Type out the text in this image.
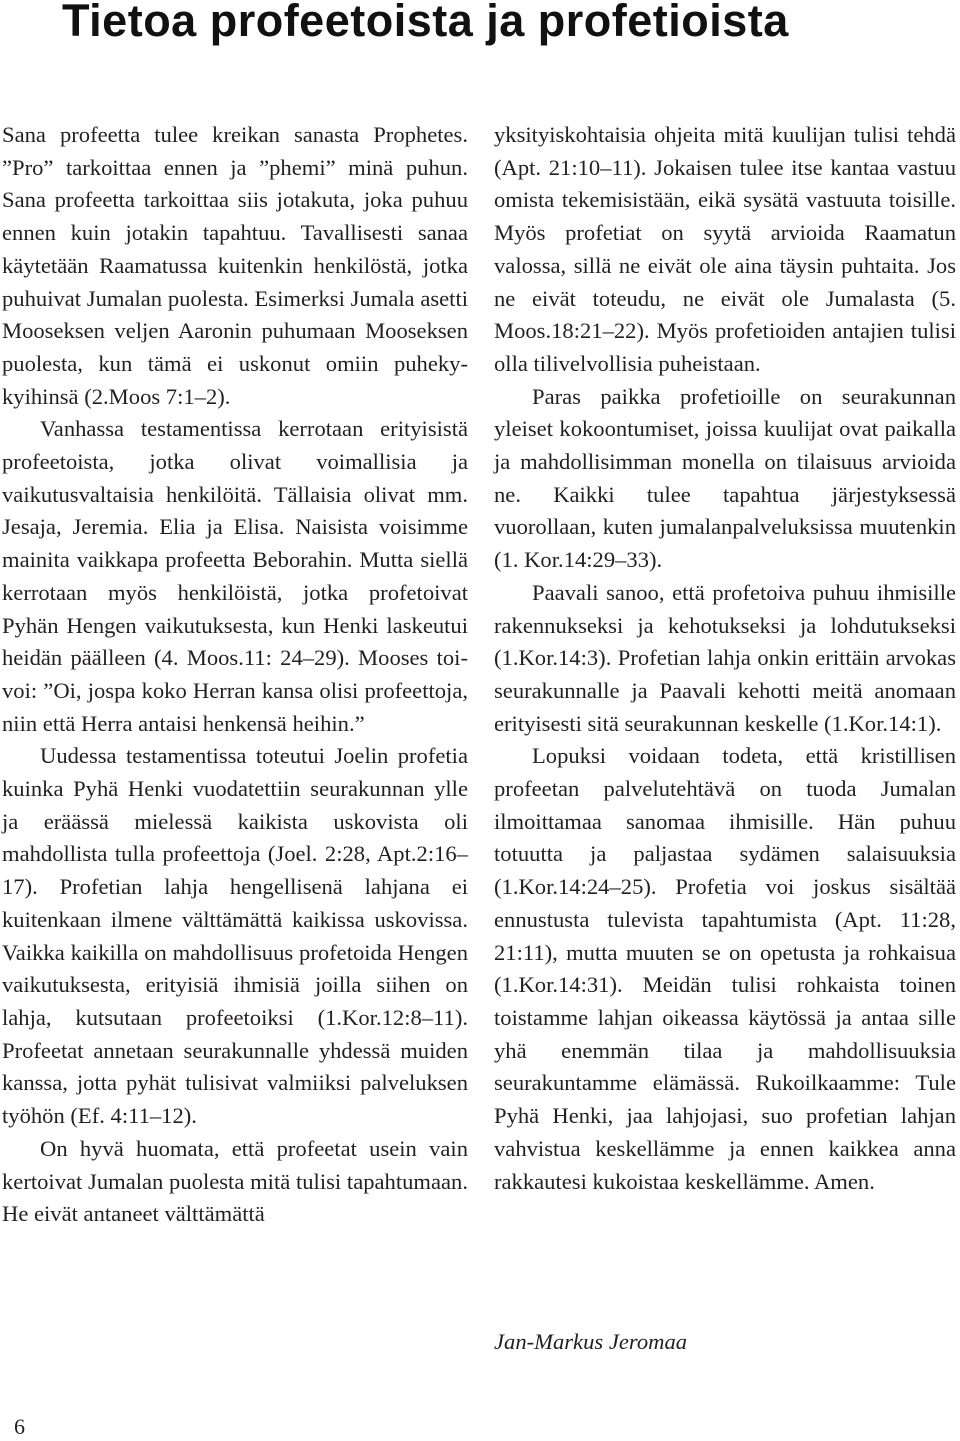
Tietoa profeetoista ja profetioista

Sana profeetta tulee kreikan sanasta Prophetes. ”Pro” tarkoittaa ennen ja ”phemi” minä puhun. Sana profeetta tarkoittaa siis jotakuta, joka puhuu ennen kuin jotakin tapahtuu. Tavallisesti sanaa käytetään Raamatussa kuitenkin henkilöstä, jotka puhuivat Jumalan puolesta. Esimerksi Jumala asetti Mooseksen veljen Aaronin puhumaan Mooseksen puolesta, kun tämä ei uskonut omiin puhekykyihinsä (2.Moos 7:1–2).

Vanhassa testamentissa kerrotaan erityisistä profeetoista, jotka olivat voimallisia ja vaikutusvaltaisia henkilöitä. Tällaisia olivat mm. Jesaja, Jeremia. Elia ja Elisa. Naisista voisimme mainita vaikkapa profeetta Beborahin. Mutta siellä kerrotaan myös henkilöistä, jotka profetoivat Pyhän Hengen vaikutuksesta, kun Henki laskeutui heidän päälleen (4. Moos.11: 24–29). Mooses toivoi: ”Oi, jospa koko Herran kansa olisi profeettoja, niin että Herra antaisi henkensä heihin.”

Uudessa testamentissa toteutui Joelin profetia kuinka Pyhä Henki vuodatettiin seurakunnan ylle ja eräässä mielessä kaikista uskovista oli mahdollista tulla profeettoja (Joel. 2:28, Apt.2:16–17). Profetian lahja hengellisenä lahjana ei kuitenkaan ilmene välttämättä kaikissa uskovissa. Vaikka kaikilla on mahdollisuus profetoida Hengen vaikutuksesta, erityisiä ihmisiä joilla siihen on lahja, kutsutaan profeetoiksi (1.Kor.12:8–11). Profeetat annetaan seurakunnalle yhdessä muiden kanssa, jotta pyhät tulisivat valmiiksi palveluksen työhön (Ef. 4:11–12).

On hyvä huomata, että profeetat usein vain kertoivat Jumalan puolesta mitä tulisi tapahtumaan. He eivät antaneet välttämättä

yksityiskohtaisia ohjeita mitä kuulijan tulisi tehdä (Apt. 21:10–11). Jokaisen tulee itse kantaa vastuu omista tekemisistään, eikä sysätä vastuuta toisille. Myös profetiat on syytä arvioida Raamatun valossa, sillä ne eivät ole aina täysin puhtaita. Jos ne eivät toteudu, ne eivät ole Jumalasta (5. Moos.18:21–22). Myös profetioiden antajien tulisi olla tilivelvollisia puheistaan.

Paras paikka profetioille on seurakunnan yleiset kokoontumiset, joissa kuulijat ovat paikalla ja mahdollisimman monella on tilaisuus arvioida ne. Kaikki tulee tapahtua järjestyksessä vuorollaan, kuten jumalanpalveluksissa muutenkin (1. Kor.14:29–33).

Paavali sanoo, että profetoiva puhuu ihmisille rakennukseksi ja kehotukseksi ja lohdutukseksi (1.Kor.14:3). Profetian lahja onkin erittäin arvokas seurakunnalle ja Paavali kehotti meitä anomaan erityisesti sitä seurakunnan keskelle (1.Kor.14:1).

Lopuksi voidaan todeta, että kristillisen profeetan palvelutehtävä on tuoda Jumalan ilmoittamaa sanomaa ihmisille. Hän puhuu totuutta ja paljastaa sydämen salaisuuksia (1.Kor.14:24–25). Profetia voi joskus sisältää ennustusta tulevista tapahtumista (Apt. 11:28, 21:11), mutta muuten se on opetusta ja rohkaisua (1.Kor.14:31). Meidän tulisi rohkaista toinen toistamme lahjan oikeassa käytössä ja antaa sille yhä enemmän tilaa ja mahdollisuuksia seurakuntamme elämässä. Rukoilkaamme: Tule Pyhä Henki, jaa lahjojasi, suo profetian lahjan vahvistua keskellämme ja ennen kaikkea anna rakkautesi kukoistaa keskellämme. Amen.

Jan-Markus Jeromaa
6
